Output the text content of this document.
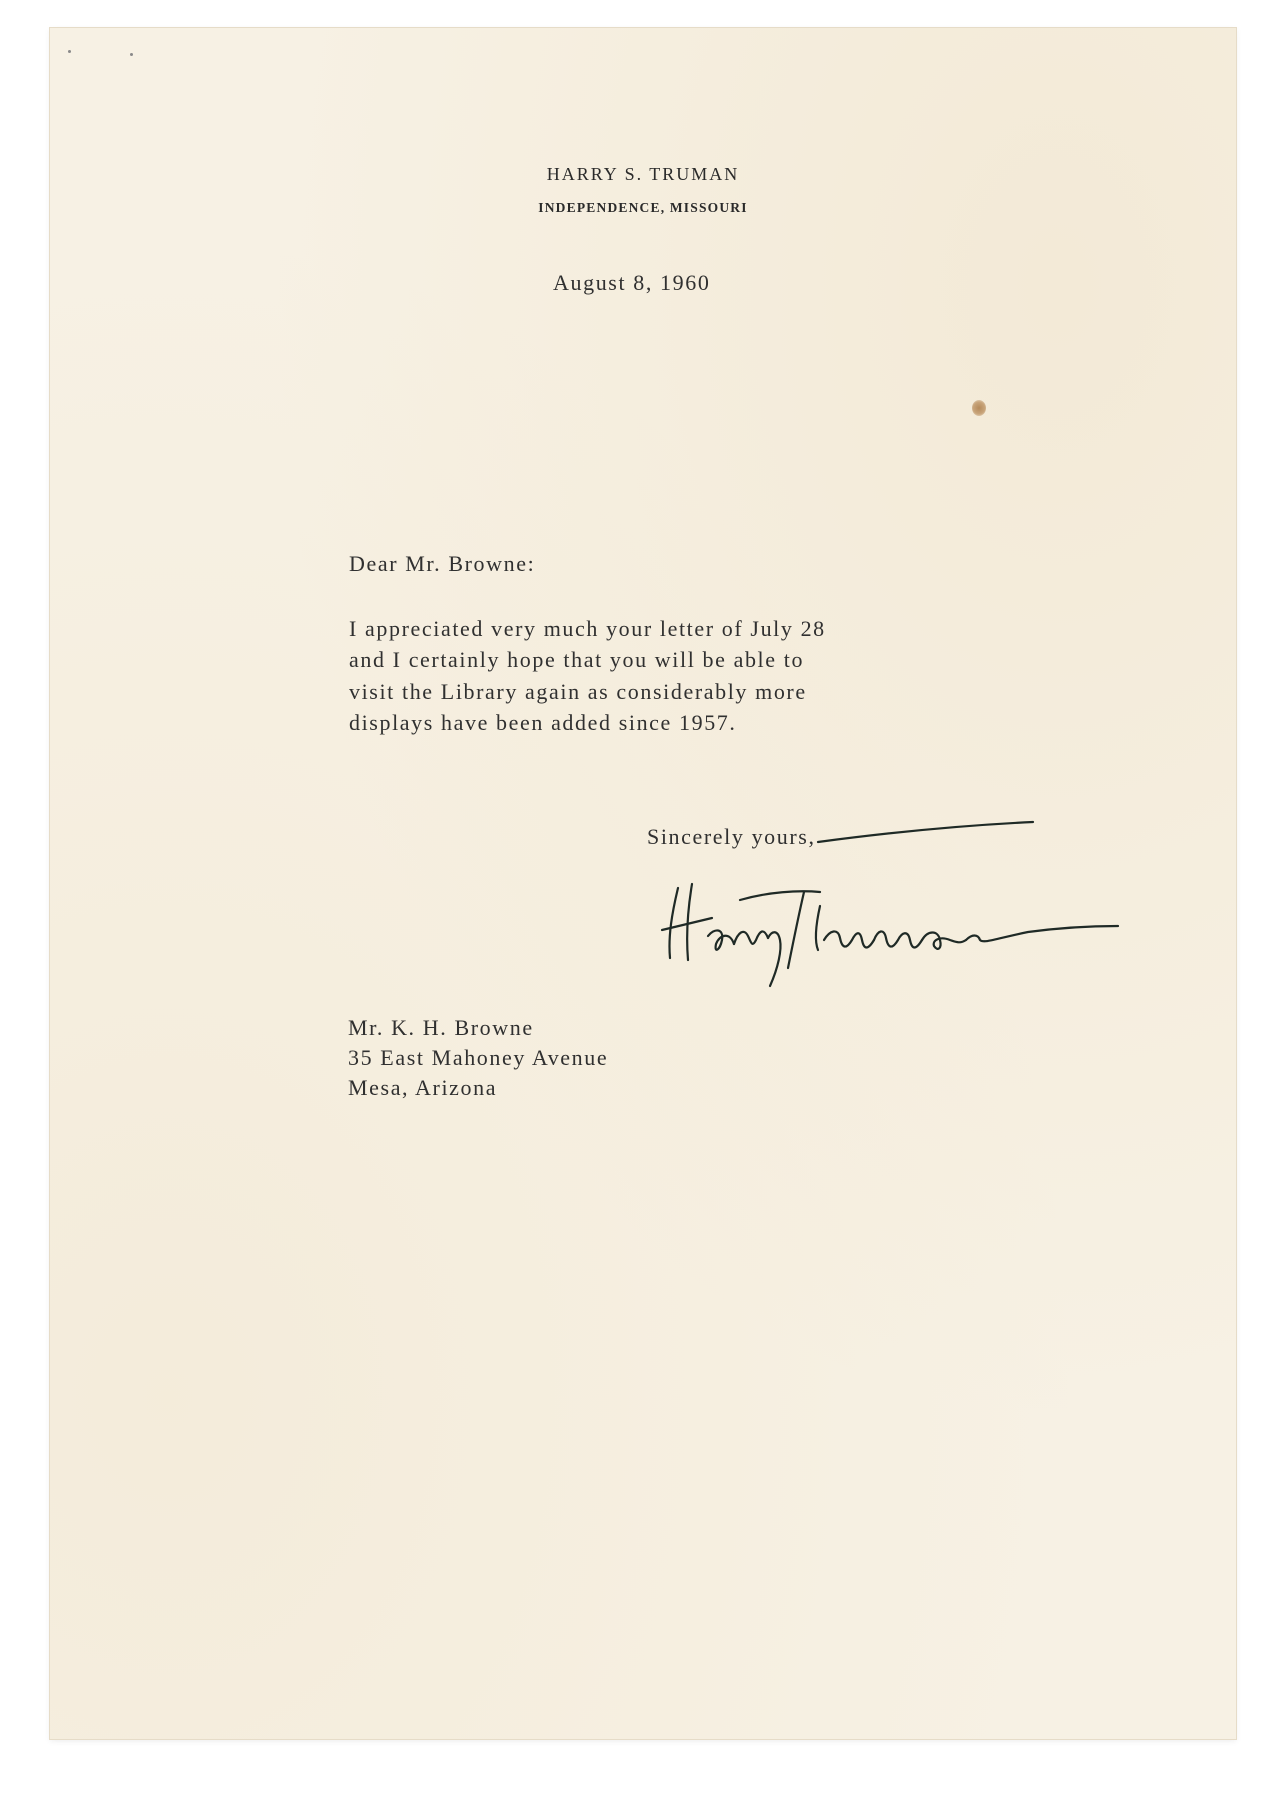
HARRY S. TRUMAN
INDEPENDENCE, MISSOURI
August 8, 1960
Dear Mr. Browne:
I appreciated very much your letter of July 28
and I certainly hope that you will be able to
visit the Library again as considerably more
displays have been added since 1957.
Sincerely yours,
Mr. K. H. Browne
35 East Mahoney Avenue
Mesa, Arizona
